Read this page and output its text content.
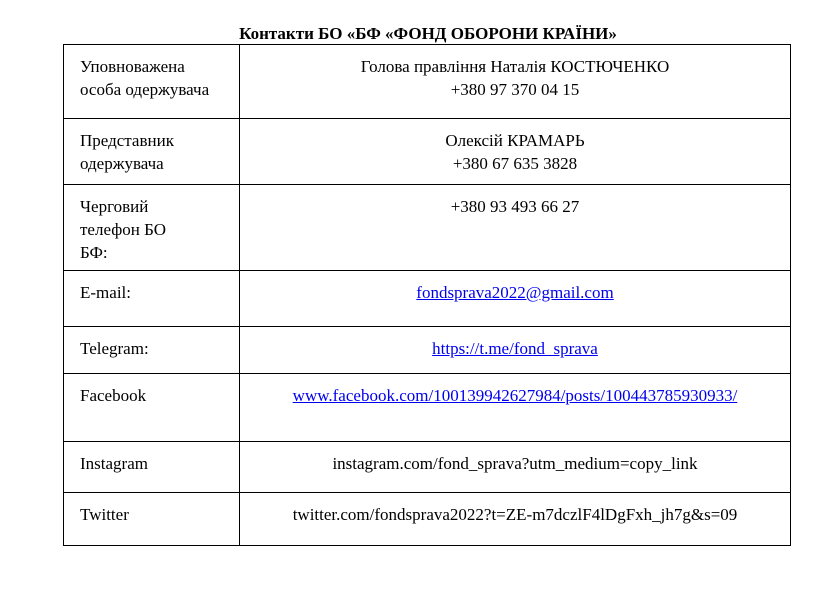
Контакти БО «БФ «ФОНД ОБОРОНИ КРАЇНИ»
Уповноважена
особа одержувача	Голова правління Наталія КОСТЮЧЕНКО
+380 97 370 04 15

Представник
одержувача	Олексій КРАМАРЬ
+380 67 635 3828

Черговий
телефон БО
БФ:	+380 93 493 66 27

E-mail:	fondsprava2022@gmail.com
Telegram:	https://t.me/fond_sprava
Facebook	www.facebook.com/100139942627984/posts/100443785930933/
Instagram	instagram.com/fond_sprava?utm_medium=copy_link
Twitter	twitter.com/fondsprava2022?t=ZE-m7dczlF4lDgFxh_jh7g&s=09
